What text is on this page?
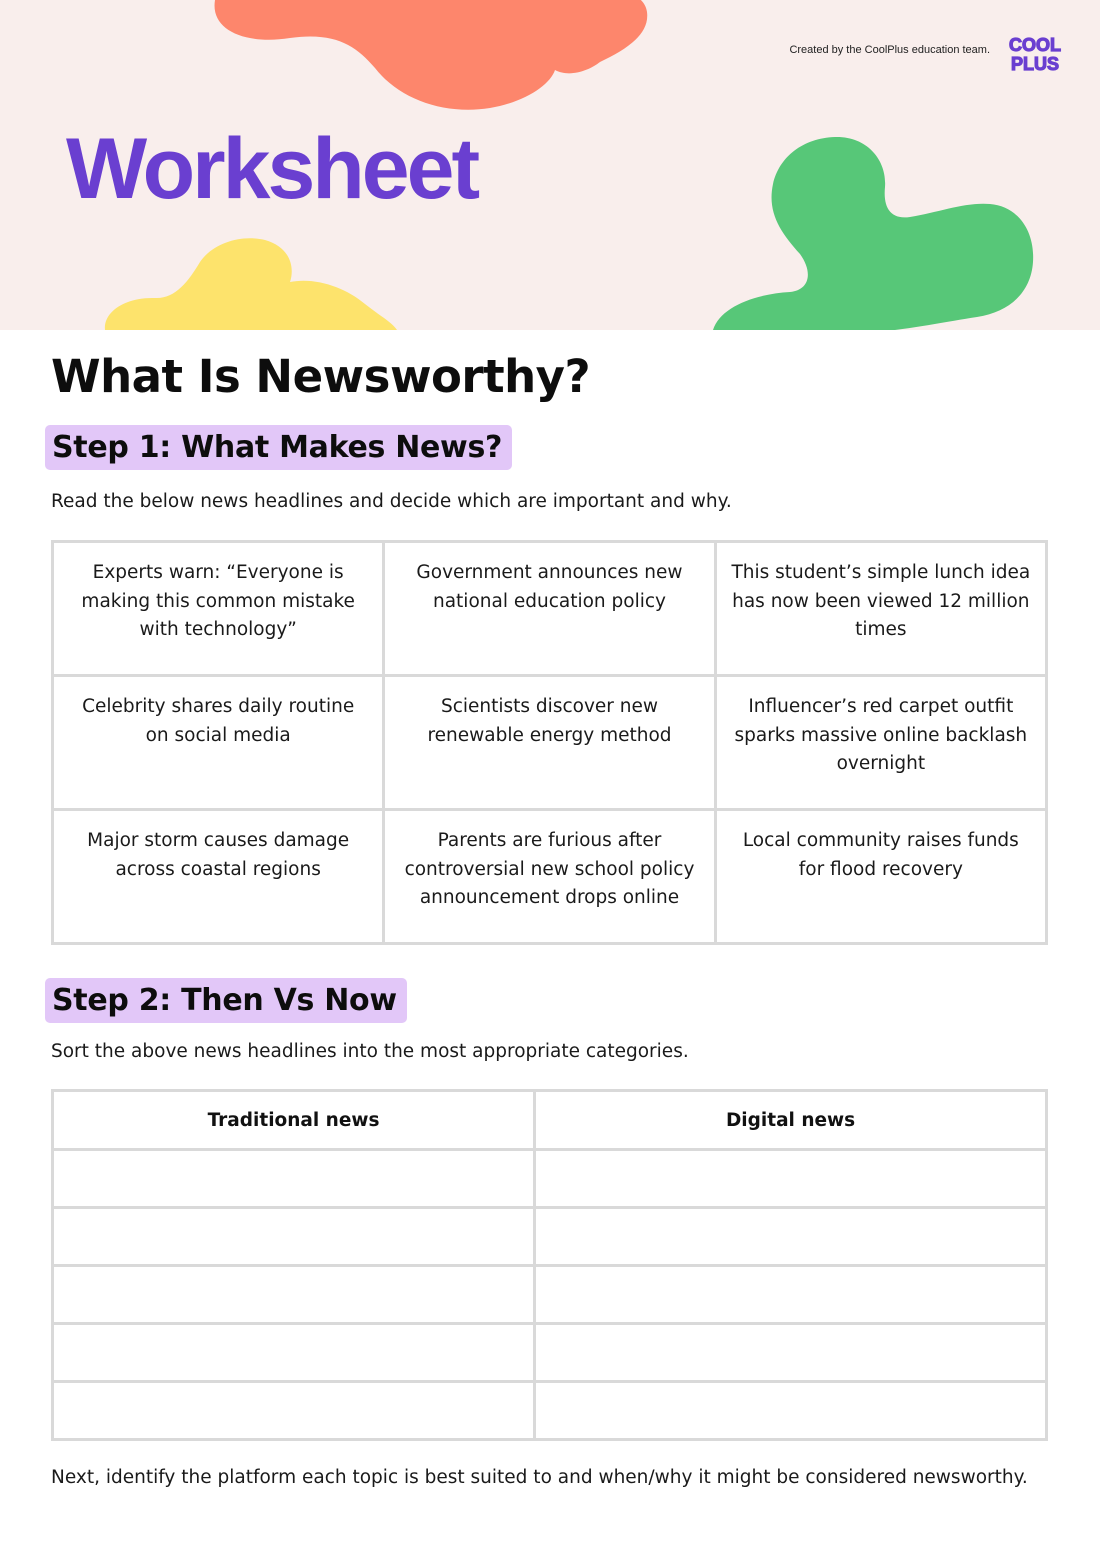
Created by the CoolPlus education team. COOL
PLUS
Worksheet
What Is Newsworthy?
Step 1: What Makes News?

Read the below news headlines and decide which are important and why.

Experts warn: “Everyone is making this common mistake with technology”	Government announces new national education policy	This student’s simple lunch idea has now been viewed 12 million times
Celebrity shares daily routine on social media	Scientists discover new renewable energy method	Influencer’s red carpet outfit sparks massive online backlash overnight
Major storm causes damage across coastal regions	Parents are furious after controversial new school policy announcement drops online	Local community raises funds for flood recovery
Step 2: Then Vs Now

Sort the above news headlines into the most appropriate categories.

Traditional news	Digital news

Next, identify the platform each topic is best suited to and when/why it might be considered newsworthy.
